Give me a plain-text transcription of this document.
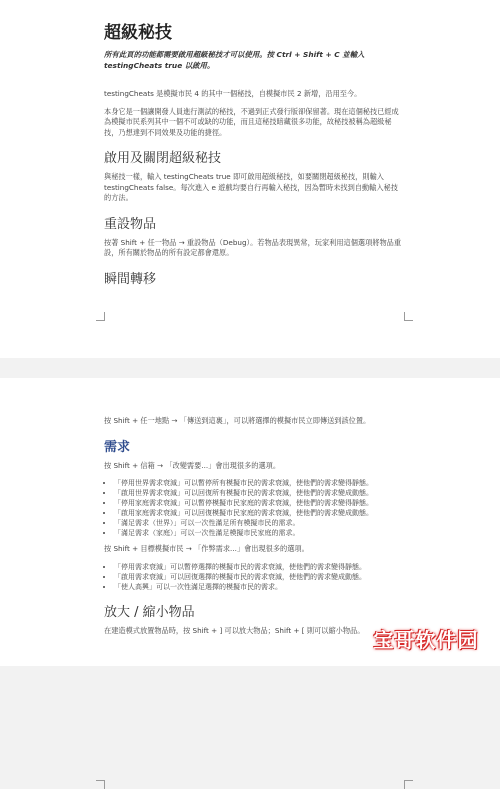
超級秘技

所有此頁的功能都需要啟用超級秘技才可以使用。按 Ctrl + Shift + C 並輸入 testingCheats true 以啟用。

testingCheats 是模擬市民 4 的其中一個秘技，自模擬市民 2 新增，沿用至今。

本身它是一個讓開發人員進行測試的秘技，不過到正式發行版卻保留著。現在這個秘技已經成為模擬市民系列其中一個不可或缺的功能，而且這秘技暗藏很多功能，故秘技被稱為超級秘技，乃想達到不同效果及功能的捷徑。

啟用及關閉超級秘技

與秘技一樣，輸入 testingCheats true 即可啟用超級秘技，如要關閉超級秘技，則輸入 testingCheats false。每次進入 e 遊戲均要自行再輸入秘技，因為暫時未找到自動輸入秘技的方法。

重設物品

按著 Shift + 任一物品 → 重設物品（Debug）。若物品表現異常，玩家利用這個選項將物品重設，所有關於物品的所有設定都會還原。

瞬間轉移

按 Shift + 任一地點 → 「傳送到這裏」，可以將選擇的模擬市民立即傳送到該位置。

需求

按 Shift + 信箱 → 「改變需要...」會出現很多的選項。

• 「停用世界需求衰減」可以暫停所有模擬市民的需求衰減，使他們的需求變得靜態。
• 「啟用世界需求衰減」可以回復所有模擬市民的需求衰減，使他們的需求變成動態。
• 「停用家庭需求衰減」可以暫停模擬市民家庭的需求衰減，使他們的需求變得靜態。
• 「啟用家庭需求衰減」可以回復模擬市民家庭的需求衰減，使他們的需求變成動態。
• 「滿足需求（世界）」可以一次性滿足所有模擬市民的需求。
• 「滿足需求（家庭）」可以一次性滿足模擬市民家庭的需求。

按 Shift + 目標模擬市民 → 「作弊需求...」會出現很多的選項。

• 「停用需求衰減」可以暫停選擇的模擬市民的需求衰減，使他們的需求變得靜態。
• 「啟用需求衰減」可以回復選擇的模擬市民的需求衰減，使他們的需求變成動態。
• 「使人高興」可以一次性滿足選擇的模擬市民的需求。
放大 / 縮小物品

在建造模式放置物品時，按 Shift + ] 可以放大物品；Shift + [ 則可以縮小物品。 宝哥软件园
